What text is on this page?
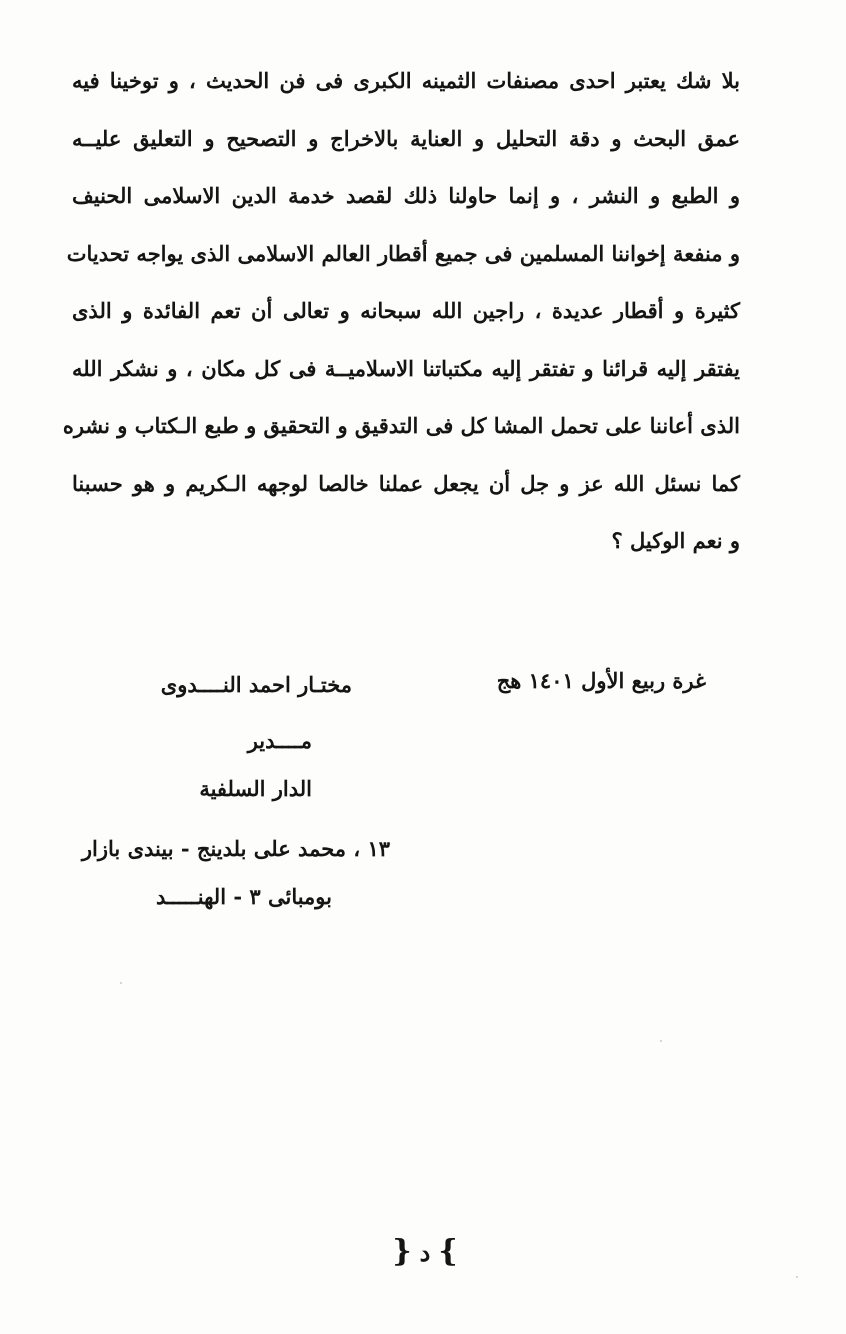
بلا شك يعتبر احدى مصنفات الثمينه الكبرى فى فن الحديث ، و توخينا فيه
عمق البحث و دقة التحليل و العناية بالاخراج و التصحيح و التعليق عليــه
و الطبع و النشر ، و إنما حاولنا ذلك لقصد خدمة الدين الاسلامى الحنيف
و منفعة إخواننا المسلمين فى جميع أقطار العالم الاسلامى الذى يواجه تحديات
كثيرة و أقطار عديدة ، راجين الله سبحانه و تعالى أن تعم الفائدة و الذى
يفتقر إليه قرائنا و تفتقر إليه مكتباتنا الاسلاميــة فى كل مكان ، و نشكر الله
الذى أعاننا على تحمل المشا كل فى التدقيق و التحقيق و طبع الـكتاب و نشره
كما نسئل الله عز و جل أن يجعل عملنا خالصا لوجهه الـكريم و هو حسبنا
و نعم الوكيل ؟
غرة ربيع الأول ١٤٠١ هج
مختـار احمد النــــدوى
مــــدير
الدار السلفية
١٣ ، محمد على بلدينج - بيندى بازار
بومبائى ٣ - الهنـــــد
}
د
{
